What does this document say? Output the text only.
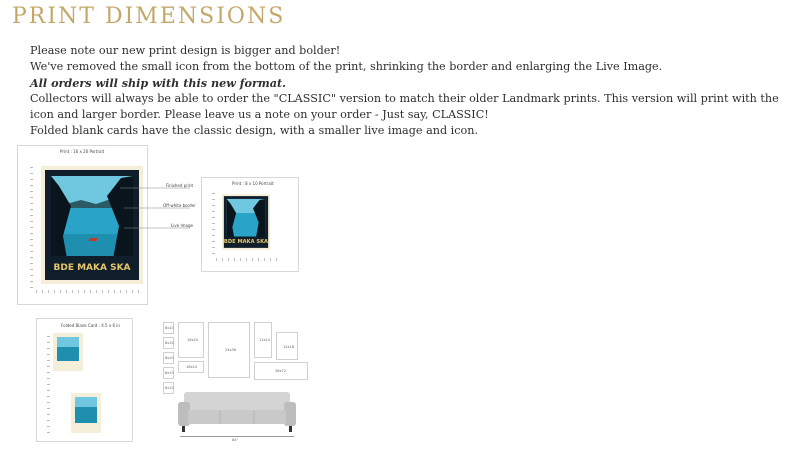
PRINT DIMENSIONS
Please note our new print design is bigger and bolder!
We've removed the small icon from the bottom of the print, shrinking the border and enlarging the Live Image.
All orders will ship with this new format.
Collectors will always be able to order the "CLASSIC" version to match their older Landmark prints. This version will print with the icon and larger border. Please leave us a note on your order - Just say, CLASSIC!
Folded blank cards have the classic design, with a smaller live image and icon.
Print : 16 x 20 Portrait
BDE MAKA SKA
Finished print
Off-white border
Live Image
Print : 8 x 10 Portrait
BDE MAKA SKA
Folded Blank Card : 4.5 x 6 in	8x10
8x10
8x10
8x10
16x20
24x36
11x14
12x18
18x24
8x10
36x72
84"
